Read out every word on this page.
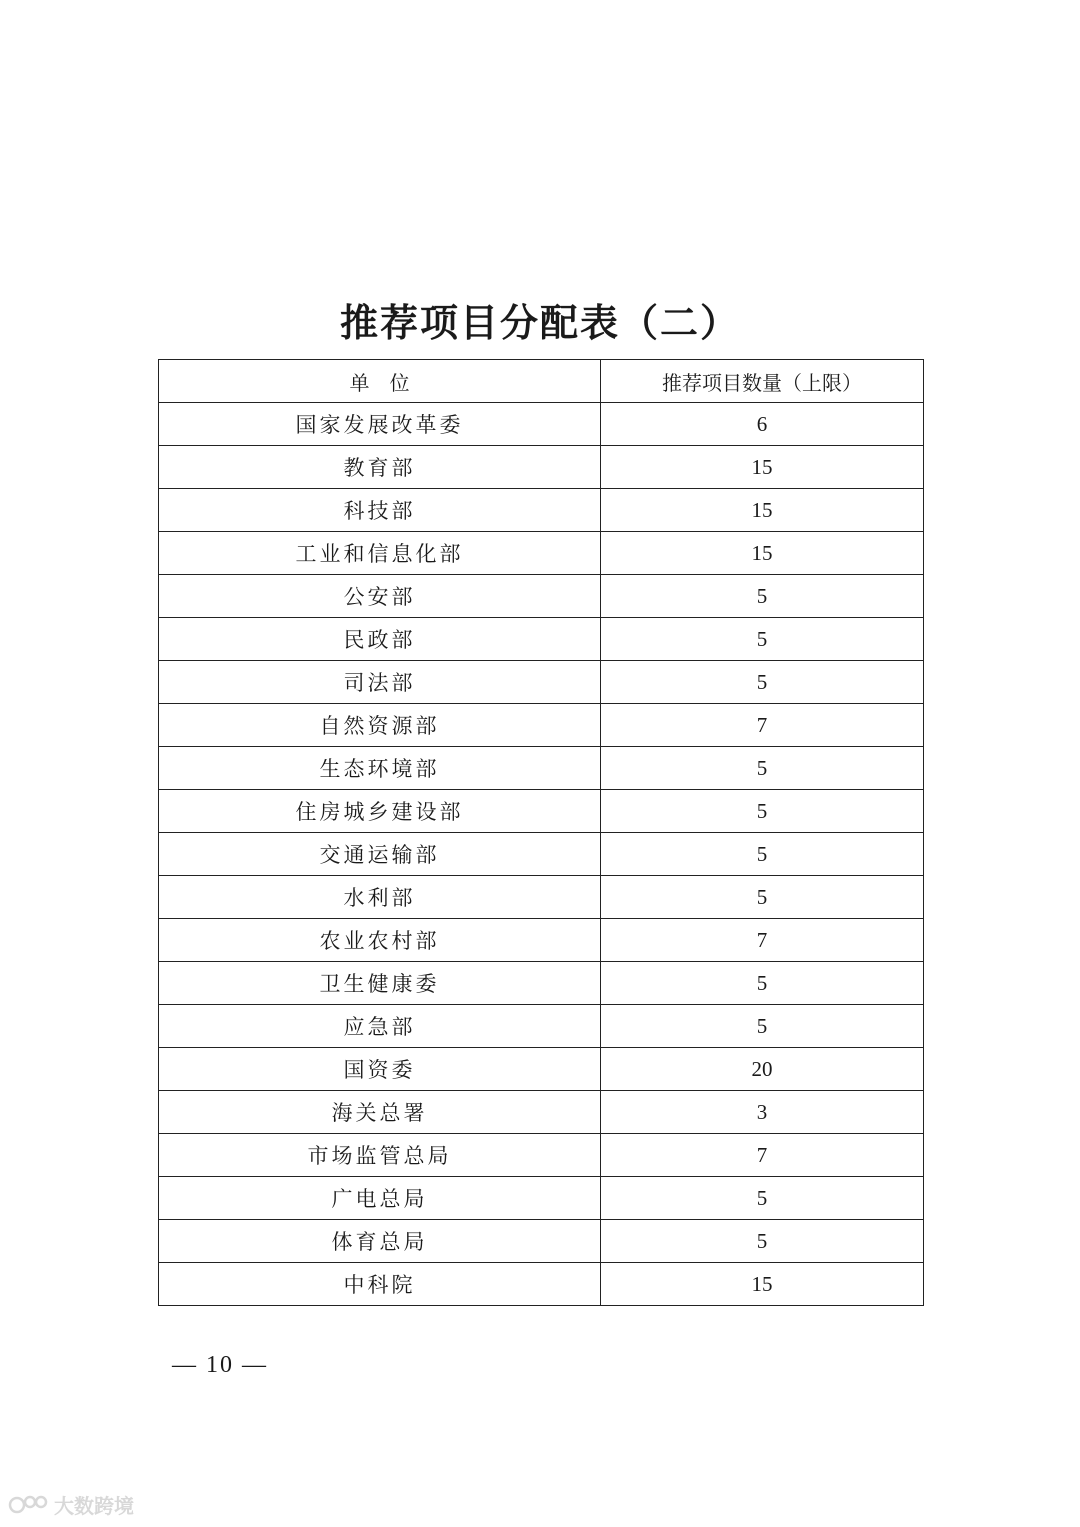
推荐项目分配表（二）
单　位	推荐项目数量（上限）
国家发展改革委	6
教育部	15
科技部	15
工业和信息化部	15
公安部	5
民政部	5
司法部	5
自然资源部	7
生态环境部	5
住房城乡建设部	5
交通运输部	5
水利部	5
农业农村部	7
卫生健康委	5
应急部	5
国资委	20
海关总署	3
市场监管总局	7
广电总局	5
体育总局	5
中科院	15
— 10 —
大数跨境
